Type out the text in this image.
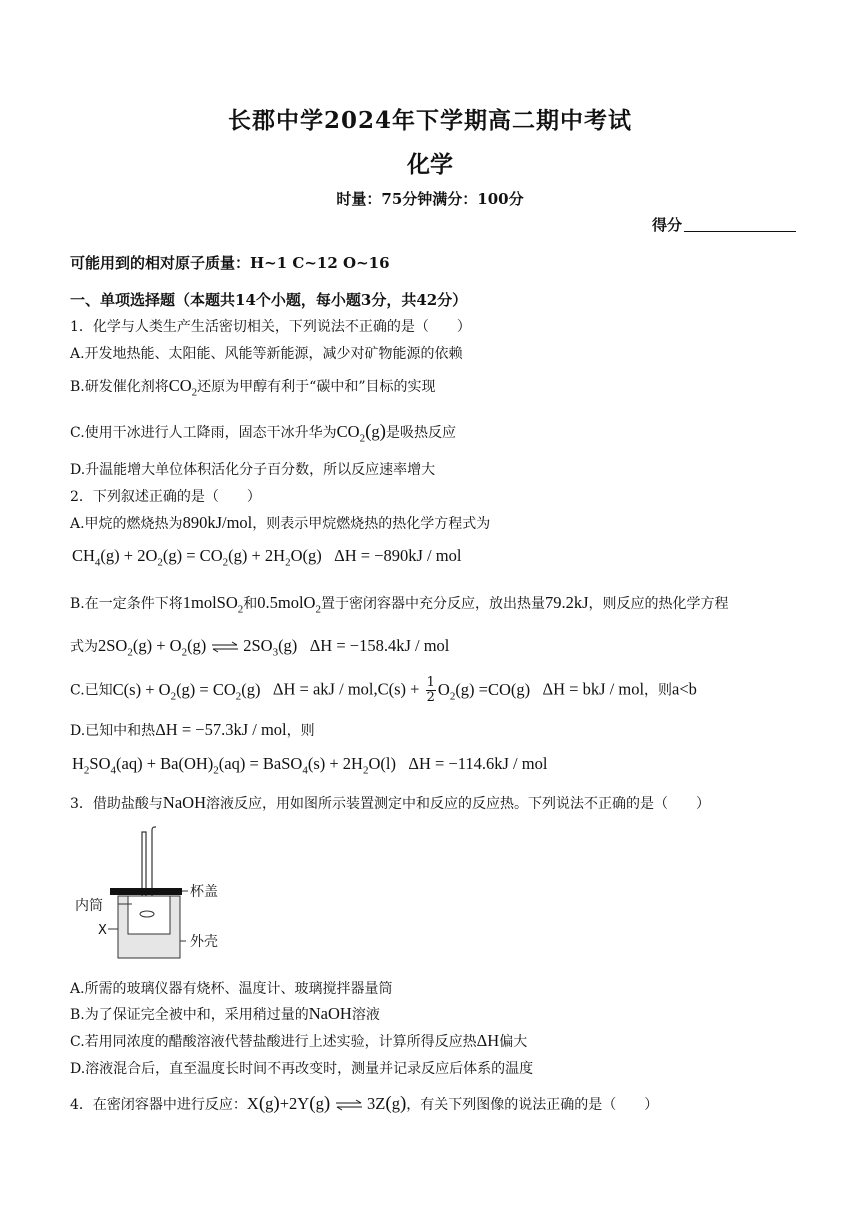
长郡中学2024年下学期高二期中考试
化学
时量：75分钟满分：100分
得分
可能用到的相对原子质量：H~1 C~12 O~16
一、单项选择题（本题共14个小题，每小题3分，共42分）
1．化学与人类生产生活密切相关，下列说法不正确的是（　　）
A.开发地热能、太阳能、风能等新能源，减少对矿物能源的依赖
B.研发催化剂将$CO_2$还原为甲醇有利于“碳中和”目标的实现
C.使用干冰进行人工降雨，固态干冰升华为$CO_2(g)$是吸热反应
D.升温能增大单位体积活化分子百分数，所以反应速率增大
2．下列叙述正确的是（　　）
A.甲烷的燃烧热为890kJ/mol，则表示甲烷燃烧热的热化学方程式为
$CH_4(g) + 2O_2(g) = CO_2(g) + 2H_2O(g) \Delta H = -890kJ$ / mol
B.在一定条件下将1molSO$_2$和0.5molO$_2$置于密闭容器中充分反应，放出热量79.2kJ，则反应的热化学方程
式为$2SO_2(g) + O_2(g)$ ⇌ $2SO_3(g) \Delta H = -158.4kJ$ / mol
C.已知$C(s) + O_2(g) = CO_2(g) \Delta H$ = akJ / $mol,C(s) + \frac{1}{2} O_2(g) =CO(g) \Delta H$ = bkJ / mol，则a<b
D.已知中和热ΔH = −57.3kJ / mol，则
$H_2SO_4(aq) + Ba(OH)_2(aq)$ = BaSO$_4$(s) + $2H_2O(l) \Delta H = -114.6kJ$ / mol
3．借助盐酸与NaOH溶液反应，用如图所示装置测定中和反应的反应热。下列说法不正确的是（　　）
杯盖
内筒
X
外壳
A.所需的玻璃仪器有烧杯、温度计、玻璃搅拌器量筒
B.为了保证完全被中和，采用稍过量的NaOH溶液
C.若用同浓度的醋酸溶液代替盐酸进行上述实验，计算所得反应热ΔH偏大
D.溶液混合后，直至温度长时间不再改变时，测量并记录反应后体系的温度
4．在密闭容器中进行反应：X(g)+2Y(g) ⇌ 3Z(g)，有关下列图像的说法正确的是（　　）
